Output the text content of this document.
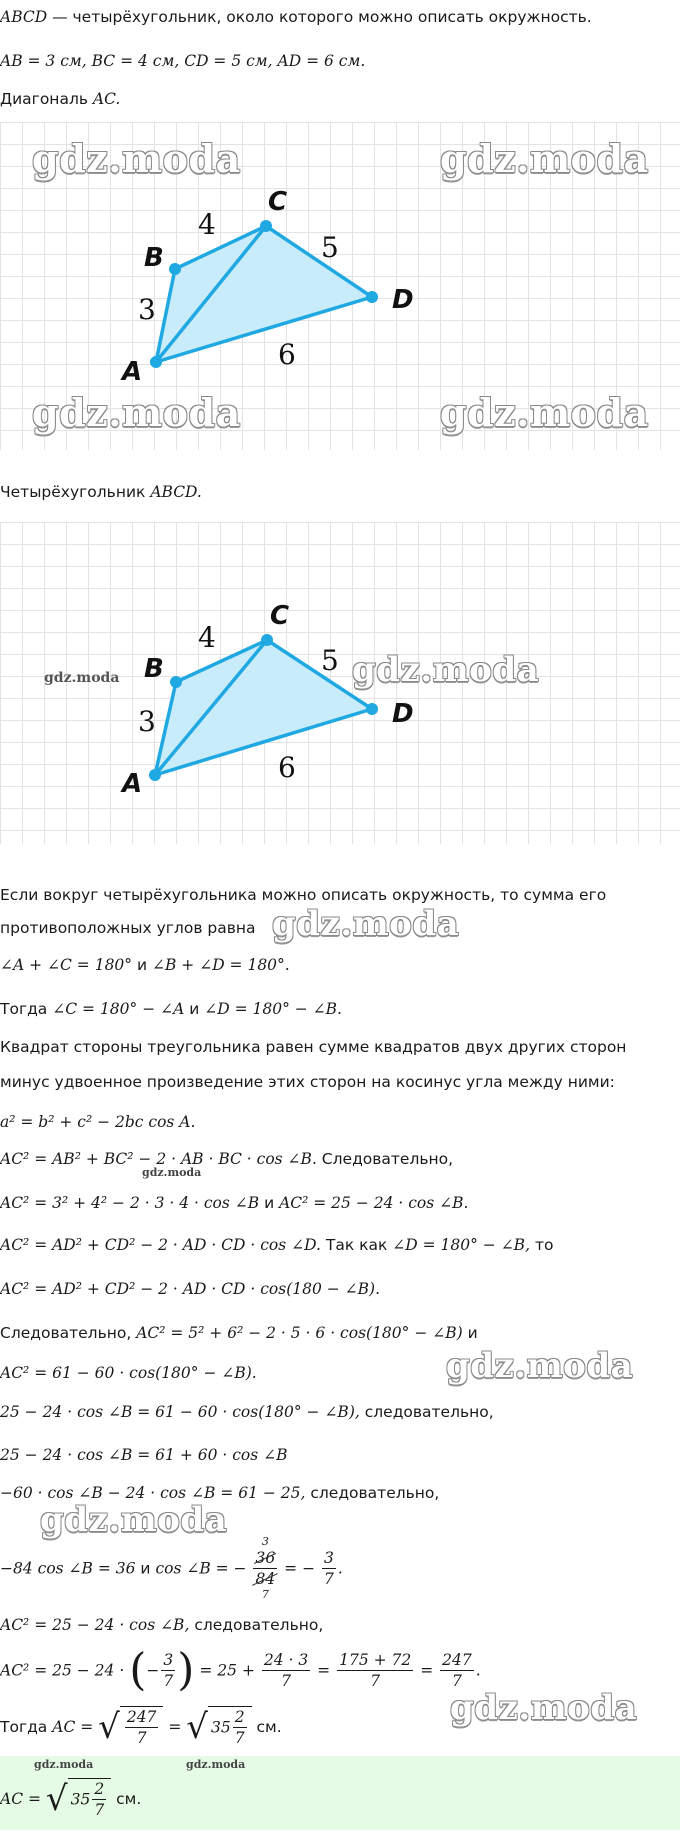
ABCD — четырёхугольник, около которого можно описать окружность.
AB = 3 см, BC = 4 см, CD = 5 см, AD = 6 см.
Диагональ AC.
A
B
C
D
3
4
5
6
gdz.moda	gdz.moda
gdz.moda	gdz.moda
Четырёхугольник ABCD.
A
B
C
D
3
4
5
6
gdz.moda	gdz.moda
Если вокруг четырёхугольника можно описать окружность, то сумма его
противоположных углов равна gdz.moda
∠A + ∠C = 180° и ∠B + ∠D = 180°.
Тогда ∠C = 180° − ∠A и ∠D = 180° − ∠B.
Квадрат стороны треугольника равен сумме квадратов двух других сторон
минус удвоенное произведение этих сторон на косинус угла между ними:
a² = b² + c² − 2bc cos A.
AC² = AB² + BC² − 2 · AB · BC · cos ∠B. Следовательно,
gdz.moda
AC² = 3² + 4² − 2 · 3 · 4 · cos ∠B и AC² = 25 − 24 · cos ∠B.
AC² = AD² + CD² − 2 · AD · CD · cos ∠D. Так как ∠D = 180° − ∠B, то
AC² = AD² + CD² − 2 · AD · CD · cos(180 − ∠B).
Следовательно, AC² = 5² + 6² − 2 · 5 · 6 · cos(180° − ∠B) и
AC² = 61 − 60 · cos(180° − ∠B).	gdz.moda
25 − 24 · cos ∠B = 61 − 60 · cos(180° − ∠B), следовательно,
25 − 24 · cos ∠B = 61 + 60 · cos ∠B
−60 · cos ∠B − 24 · cos ∠B = 61 − 25, следовательно,
gdz.moda
−84 cos ∠B = 36 и cos ∠B = −
3
36
84
7
= − $\frac{3}{7}$ .
AC² = 25 − 24 · cos ∠B, следовательно,
AC² = 25 − 24 · (− $\frac{3}{7}$ ) = $25 + \frac{24 \cdot 3}{7} = \frac{175 + 72}{7} = \frac{247}{7}$ .
gdz.moda
Тогда AC = √ $\frac{247}{7}$ = √ $35 \frac{2}{7}$ см.
gdz.moda	gdz.moda
AC = √ $35 \frac{2}{7}$ см.
